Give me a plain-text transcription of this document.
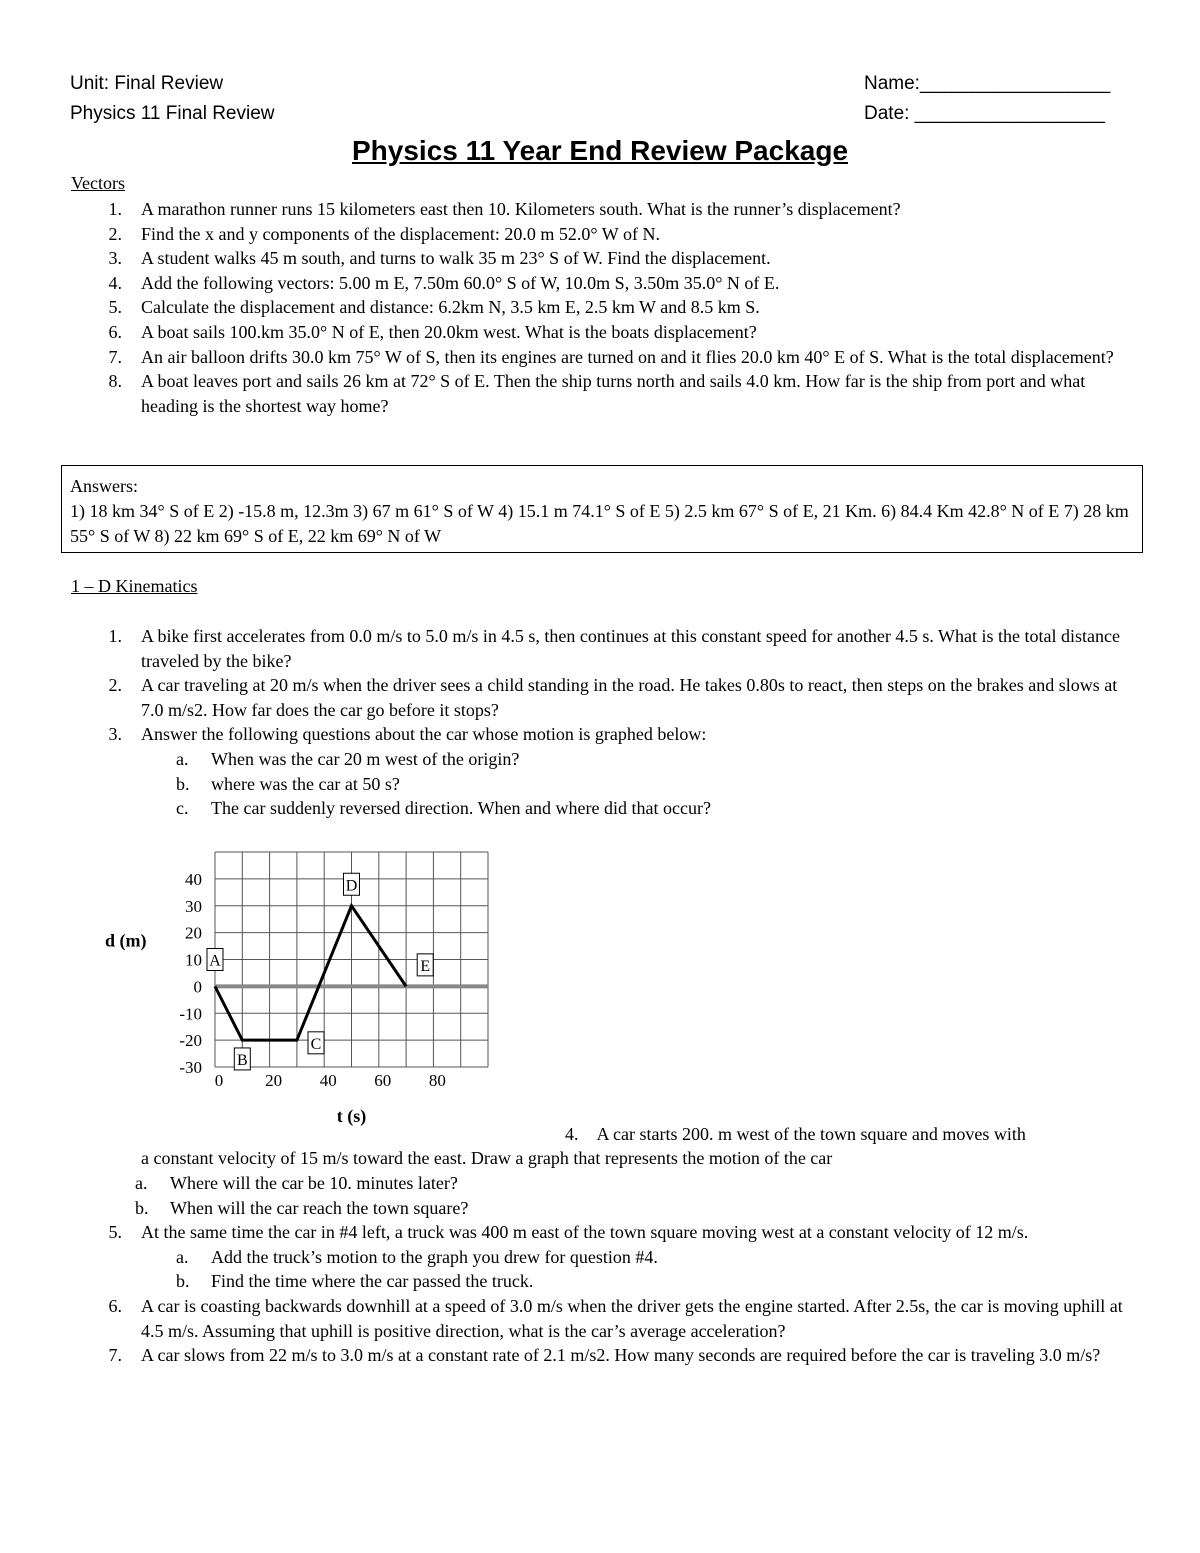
Unit: Final Review
Physics 11 Final Review
Name:__________________
Date: __________________
Physics 11 Year End Review Package
Vectors
1. A marathon runner runs 15 kilometers east then 10. Kilometers south. What is the runner’s displacement?
2. Find the x and y components of the displacement: 20.0 m 52.0° W of N.
3. A student walks 45 m south, and turns to walk 35 m 23° S of W. Find the displacement.
4. Add the following vectors: 5.00 m E, 7.50m 60.0° S of W, 10.0m S, 3.50m 35.0° N of E.
5. Calculate the displacement and distance: 6.2km N, 3.5 km E, 2.5 km W and 8.5 km S.
6. A boat sails 100.km 35.0° N of E, then 20.0km west. What is the boats displacement?
7. An air balloon drifts 30.0 km 75° W of S, then its engines are turned on and it flies 20.0 km 40° E of S. What is the total displacement?
8. A boat leaves port and sails 26 km at 72° S of E. Then the ship turns north and sails 4.0 km. How far is the ship from port and what heading is the shortest way home?
Answers:
1) 18 km 34° S of E 2) -15.8 m, 12.3m 3) 67 m 61° S of W 4) 15.1 m 74.1° S of E 5) 2.5 km 67° S of E, 21 Km. 6) 84.4 Km 42.8° N of E 7) 28 km 55° S of W 8) 22 km 69° S of E, 22 km 69° N of W
1 – D Kinematics
1. A bike first accelerates from 0.0 m/s to 5.0 m/s in 4.5 s, then continues at this constant speed for another 4.5 s. What is the total distance traveled by the bike?
2. A car traveling at 20 m/s when the driver sees a child standing in the road. He takes 0.80s to react, then steps on the brakes and slows at 7.0 m/s2. How far does the car go before it stops?
3. Answer the following questions about the car whose motion is graphed below:
a. When was the car 20 m west of the origin?
b. where was the car at 50 s?
c. The car suddenly reversed direction. When and where did that occur?
-30
-20
-10
0
10
20
30
40
0 20 40 60 80
d (m)
t (s)
A
B
C
D
E
4. A car starts 200. m west of the town square and moves with
a constant velocity of 15 m/s toward the east. Draw a graph that represents the motion of the car
a. Where will the car be 10. minutes later?
b. When will the car reach the town square?
5. At the same time the car in #4 left, a truck was 400 m east of the town square moving west at a constant velocity of 12 m/s.
a. Add the truck’s motion to the graph you drew for question #4.
b. Find the time where the car passed the truck.
6. A car is coasting backwards downhill at a speed of 3.0 m/s when the driver gets the engine started. After 2.5s, the car is moving uphill at 4.5 m/s. Assuming that uphill is positive direction, what is the car’s average acceleration?
7. A car slows from 22 m/s to 3.0 m/s at a constant rate of 2.1 m/s2. How many seconds are required before the car is traveling 3.0 m/s?
